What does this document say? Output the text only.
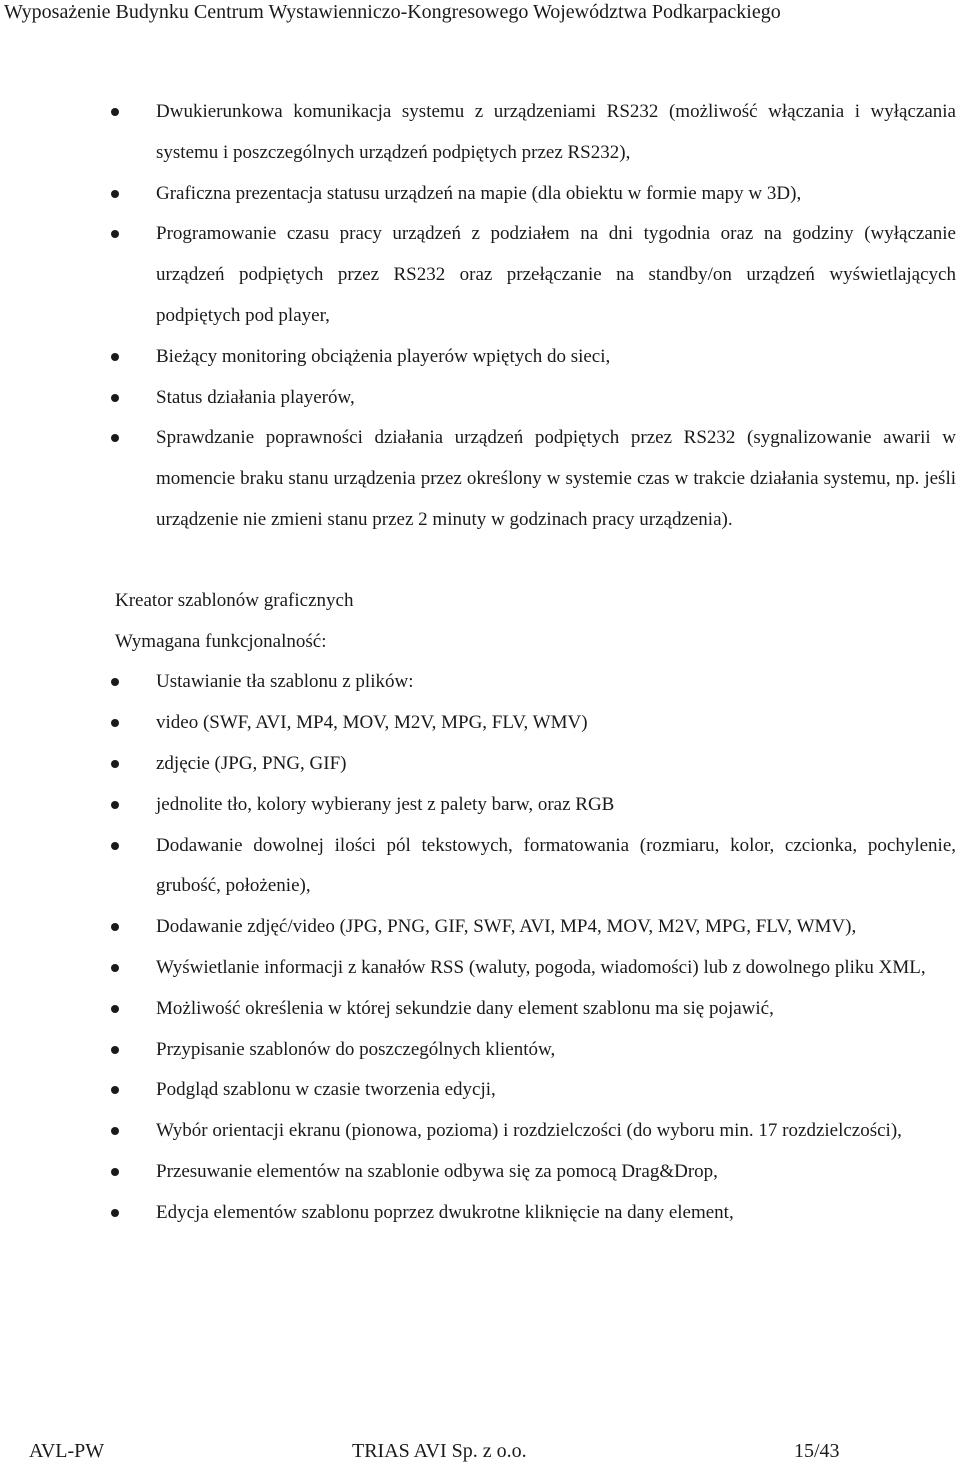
Wyposażenie Budynku Centrum Wystawienniczo-Kongresowego Województwa Podkarpackiego
Dwukierunkowa komunikacja systemu z urządzeniami RS232 (możliwość włączania i wyłączania systemu i poszczególnych urządzeń podpiętych przez RS232),
Graficzna prezentacja statusu urządzeń na mapie (dla obiektu w formie mapy w 3D),
Programowanie czasu pracy urządzeń z podziałem na dni tygodnia oraz na godziny (wyłączanie urządzeń podpiętych przez RS232 oraz przełączanie na standby/on urządzeń wyświetlających podpiętych pod player,
Bieżący monitoring obciążenia playerów wpiętych do sieci,
Status działania playerów,
Sprawdzanie poprawności działania urządzeń podpiętych przez RS232 (sygnalizowanie awarii w momencie braku stanu urządzenia przez określony w systemie czas w trakcie działania systemu, np. jeśli urządzenie nie zmieni stanu przez 2 minuty w godzinach pracy urządzenia).
Kreator szablonów graficznych
Wymagana funkcjonalność:
Ustawianie tła szablonu z plików:
video (SWF, AVI, MP4, MOV, M2V, MPG, FLV, WMV)
zdjęcie (JPG, PNG, GIF)
jednolite tło, kolory wybierany jest z palety barw, oraz RGB
Dodawanie dowolnej ilości pól tekstowych, formatowania (rozmiaru, kolor, czcionka, pochylenie, grubość, położenie),
Dodawanie zdjęć/video (JPG, PNG, GIF, SWF, AVI, MP4, MOV, M2V, MPG, FLV, WMV),
Wyświetlanie informacji z kanałów RSS (waluty, pogoda, wiadomości) lub z dowolnego pliku XML,
Możliwość określenia w której sekundzie dany element szablonu ma się pojawić,
Przypisanie szablonów do poszczególnych klientów,
Podgląd szablonu w czasie tworzenia edycji,
Wybór orientacji ekranu (pionowa, pozioma) i rozdzielczości (do wyboru min. 17 rozdzielczości),
Przesuwanie elementów na szablonie odbywa się za pomocą Drag&Drop,
Edycja elementów szablonu poprzez dwukrotne kliknięcie na dany element,
AVL-PW	TRIAS AVI Sp. z o.o.	15/43
